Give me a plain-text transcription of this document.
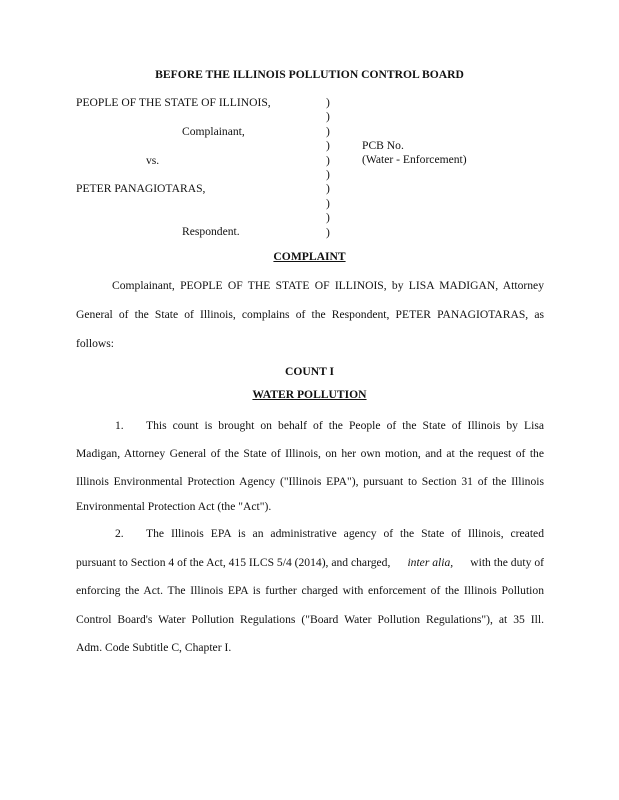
BEFORE THE ILLINOIS POLLUTION CONTROL BOARD
PEOPLE OF THE STATE OF ILLINOIS,
Complainant,
vs.
PETER PANAGIOTARAS,
Respondent.
)
)
)
)
)
)
)
)
)
)
PCB No.
(Water - Enforcement)
COMPLAINT
Complainant, PEOPLE OF THE STATE OF ILLINOIS, by LISA MADIGAN, Attorney
General of the State of Illinois, complains of the Respondent, PETER PANAGIOTARAS, as
follows:
COUNT I
WATER POLLUTION
1. This count is brought on behalf of the People of the State of Illinois by Lisa
Madigan, Attorney General of the State of Illinois, on her own motion, and at the request of the
Illinois Environmental Protection Agency ("Illinois EPA"), pursuant to Section 31 of the Illinois
Environmental Protection Act (the "Act").
2. The Illinois EPA is an administrative agency of the State of Illinois, created
pursuant to Section 4 of the Act, 415 ILCS 5/4 (2014), and charged, inter alia, with the duty of
enforcing the Act. The Illinois EPA is further charged with enforcement of the Illinois Pollution
Control Board's Water Pollution Regulations ("Board Water Pollution Regulations"), at 35 Ill.
Adm. Code Subtitle C, Chapter I.
